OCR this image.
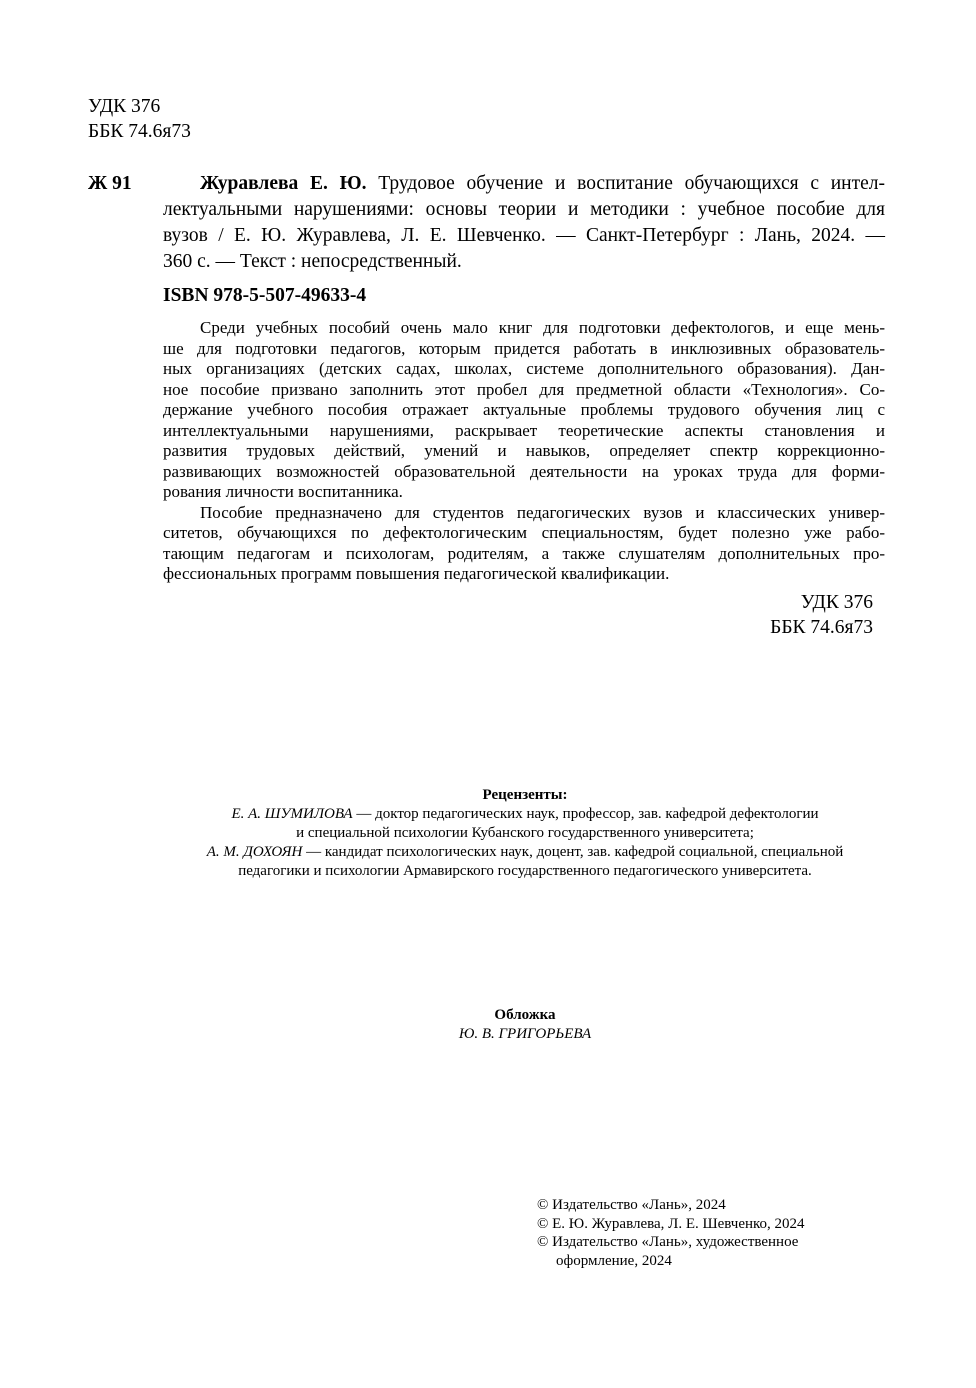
УДК 376
ББК 74.6я73
Ж 91	Журавлева Е. Ю. Трудовое обучение и воспитание обучающихся с интел-
лектуальными нарушениями: основы теории и методики : учебное пособие для
вузов / Е. Ю. Журавлева, Л. Е. Шевченко. — Санкт-Петербург : Лань, 2024. —
360 с. — Текст : непосредственный.
ISBN 978-5-507-49633-4
Среди учебных пособий очень мало книг для подготовки дефектологов, и еще мень-
ше для подготовки педагогов, которым придется работать в инклюзивных образователь-
ных организациях (детских садах, школах, системе дополнительного образования). Дан-
ное пособие призвано заполнить этот пробел для предметной области «Технология». Со-
держание учебного пособия отражает актуальные проблемы трудового обучения лиц с
интеллектуальными нарушениями, раскрывает теоретические аспекты становления и
развития трудовых действий, умений и навыков, определяет спектр коррекционно-
развивающих возможностей образовательной деятельности на уроках труда для форми-
рования личности воспитанника.
Пособие предназначено для студентов педагогических вузов и классических универ-
ситетов, обучающихся по дефектологическим специальностям, будет полезно уже рабо-
тающим педагогам и психологам, родителям, а также слушателям дополнительных про-
фессиональных программ повышения педагогической квалификации.
УДК 376
ББК 74.6я73
Рецензенты:
Е. А. ШУМИЛОВА — доктор педагогических наук, профессор, зав. кафедрой дефектологии
и специальной психологии Кубанского государственного университета;
А. М. ДОХОЯН — кандидат психологических наук, доцент, зав. кафедрой социальной, специальной
педагогики и психологии Армавирского государственного педагогического университета.
Обложка
Ю. В. ГРИГОРЬЕВА
© Издательство «Лань», 2024
© Е. Ю. Журавлева, Л. Е. Шевченко, 2024
© Издательство «Лань», художественное
оформление, 2024
